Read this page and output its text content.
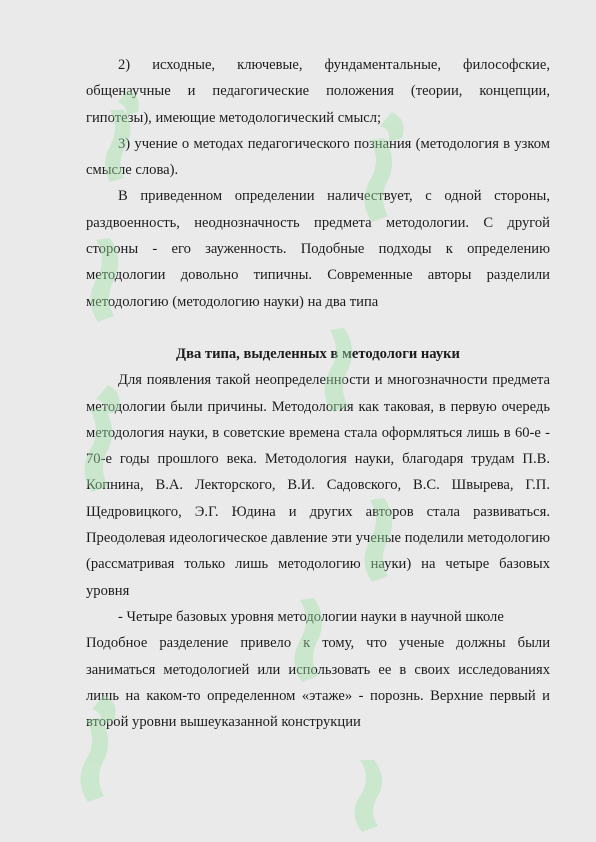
2) исходные, ключевые, фундаментальные, философские, общенаучные и педагогические положения (теории, концепции, гипотезы), имеющие методологический смысл;

3) учение о методах педагогического познания (методология в узком смысле слова).

В приведенном определении наличествует, с одной стороны, раздвоенность, неоднозначность предмета методологии. С другой стороны - его зауженность. Подобные подходы к определению методологии довольно типичны. Современные авторы разделили методологию (методологию науки) на два типа

Два типа, выделенных в методологи науки

Для появления такой неопределенности и многозначности предмета методологии были причины. Методология как таковая, в первую очередь методология науки, в советские времена стала оформляться лишь в 60-е - 70-е годы прошлого века. Методология науки, благодаря трудам П.В. Копнина, В.А. Лекторского, В.И. Садовского, В.С. Швырева, Г.П. Щедровицкого, Э.Г. Юдина и других авторов стала развиваться. Преодолевая идеологическое давление эти ученые поделили методологию (рассматривая только лишь методологию науки) на четыре базовых уровня

- Четыре базовых уровня методологии науки в научной школе

Подобное разделение привело к тому, что ученые должны были заниматься методологией или использовать ее в своих исследованиях лишь на каком-то определенном «этаже» - порознь. Верхние первый и второй уровни вышеуказанной конструкции
